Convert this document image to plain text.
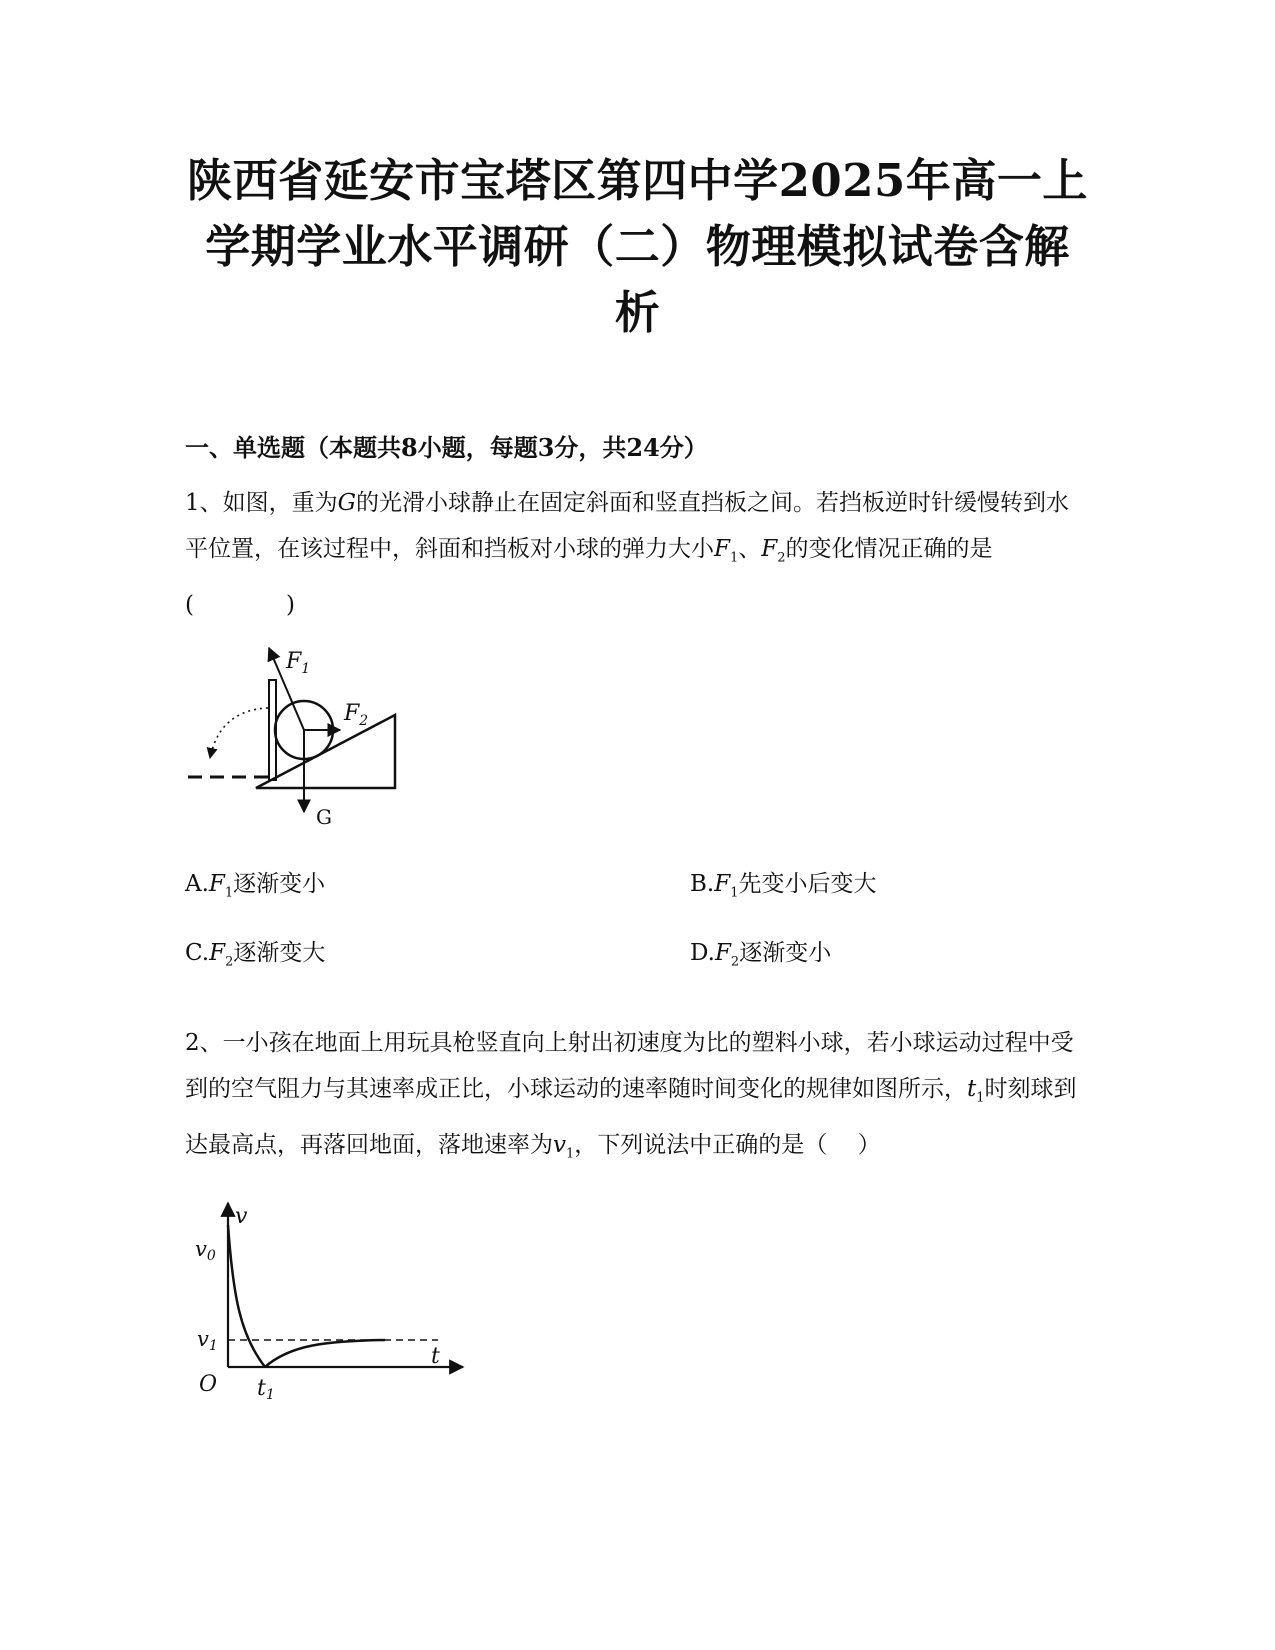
陕西省延安市宝塔区第四中学2025年高一上
学期学业水平调研（二）物理模拟试卷含解
析
一、单选题（本题共8小题，每题3分，共24分）
1、如图，重为G的光滑小球静止在固定斜面和竖直挡板之间。若挡板逆时针缓慢转到水平位置，在该过程中，斜面和挡板对小球的弹力大小$F_1$、$F_2$的变化情况正确的是(　　　　)
$F_1$
$F_2$
G
$A.F_1$逐渐变小	$B.F_1$先变小后变大
$C.F_2$逐渐变大	$D.F_2$逐渐变小
2、一小孩在地面上用玩具枪竖直向上射出初速度为比的塑料小球，若小球运动过程中受到的空气阻力与其速率成正比，小球运动的速率随时间变化的规律如图所示，$t_1$时刻球到达最高点，再落回地面，落地速率为$v_1$，下列说法中正确的是（　 ）
v
v0
v1	t
t1
O
